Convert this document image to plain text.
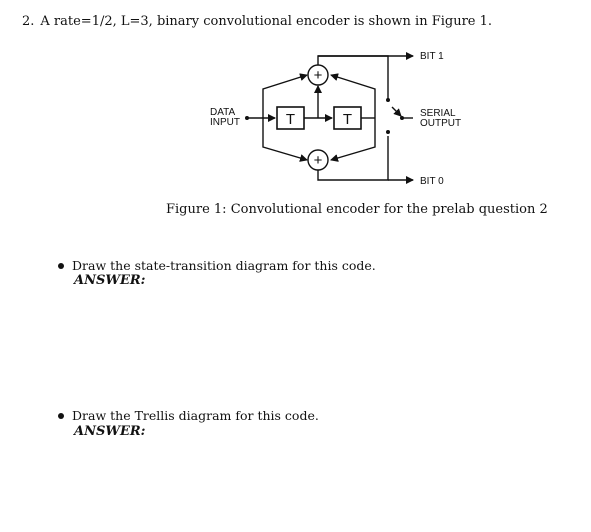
2. A rate=1/2, L=3, binary convolutional encoder is shown in Figure 1.
DATA
INPUT	T	T
+
+
BIT 1
BIT 0
SERIAL
OUTPUT
Figure 1: Convolutional encoder for the prelab question 2
Draw the state-transition diagram for this code.
ANSWER:
Draw the Trellis diagram for this code.
ANSWER:
